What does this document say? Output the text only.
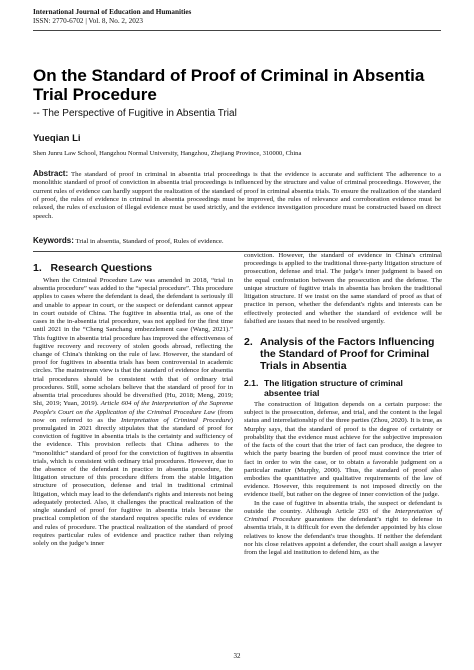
International Journal of Education and Humanities
ISSN: 2770-6702 | Vol. 8, No. 2, 2023
On the Standard of Proof of Criminal in Absentia Trial Procedure
-- The Perspective of Fugitive in Absentia Trial
Yueqian Li
Shen Junru Law School, Hangzhou Normal University, Hangzhou, Zhejiang Province, 310000, China
Abstract: The standard of proof in criminal in absentia trial proceedings is that the evidence is accurate and sufficient The adherence to a monolithic standard of proof of conviction in absentia trial proceedings is influenced by the structure and value of criminal proceedings. However, the current rules of evidence can hardly support the realization of the standard of proof in criminal absentia trials. To ensure the realization of the standard of proof, the rules of evidence in criminal in absentia proceedings must be improved, the rules of relevance and corroboration evidence must be relaxed, the rules of exclusion of illegal evidence must be used strictly, and the evidence investigation procedure must be constructed based on direct speech.
Keywords: Trial in absentia, Standard of proof, Rules of evidence.
1. Research Questions

When the Criminal Procedure Law was amended in 2018, “trial in absentia procedure” was added to the “special procedure”. This procedure applies to cases where the defendant is dead, the defendant is seriously ill and unable to appear in court, or the suspect or defendant cannot appear in court outside of China. The fugitive in absentia trial, as one of the cases in the in-absentia trial procedure, was not applied for the first time until 2021 in the “Cheng Sanchang embezzlement case (Wang, 2021).” This fugitive in absentia trial procedure has improved the effectiveness of fugitive recovery and recovery of stolen goods abroad, reflecting the change of China's thinking on the rule of law. However, the standard of proof for fugitives in absentia trials has been controversial in academic circles. The mainstream view is that the standard of evidence for absentia trial procedures should be consistent with that of ordinary trial procedures. Still, some scholars believe that the standard of proof for in absentia trial procedures should be diversified (Hu, 2018; Meng, 2019; Shi, 2019; Yuan, 2019). Article 604 of the Interpretation of the Supreme People's Court on the Application of the Criminal Procedure Law (from now on referred to as the Interpretation of Criminal Procedure) promulgated in 2021 directly stipulates that the standard of proof for conviction of fugitive in absentia trials is the certainty and sufficiency of the evidence. This provision reflects that China adheres to the “monolithic” standard of proof for the conviction of fugitives in absentia trials, which is consistent with ordinary trial procedures. However, due to the absence of the defendant in practice in absentia procedure, the litigation structure of this procedure differs from the stable litigation structure of prosecution, defense and trial in traditional criminal litigation, which may lead to the defendant's rights and interests not being adequately protected. Also, it challenges the practical realization of the single standard of proof for fugitive in absentia trials because the practical completion of the standard requires specific rules of evidence and rules of procedure. The practical realization of the standard of proof requires particular rules of evidence and practice rather than relying solely on the judge’s inner

conviction. However, the standard of evidence in China's criminal proceedings is applied to the traditional three-party litigation structure of prosecution, defense and trial. The judge’s inner judgment is based on the equal confrontation between the prosecution and the defense. The unique structure of fugitive trials in absentia has broken the traditional litigation structure. If we insist on the same standard of proof as that of practice in person, whether the defendant's rights and interests can be effectively protected and whether the standard of evidence will be falsified are issues that need to be resolved urgently.

2. Analysis of the Factors Influencing the Standard of Proof for Criminal Trials in Absentia
2.1. The litigation structure of criminal absentee trial

The construction of litigation depends on a certain purpose: the subject is the prosecution, defense, and trial, and the content is the legal status and interrelationship of the three parties (Zhou, 2020). It is true, as Murphy says, that the standard of proof is the degree of certainty or probability that the evidence must achieve for the subjective impression of the facts of the court that the trier of fact can produce, the degree to which the party bearing the burden of proof must convince the trier of fact in order to win the case, or to obtain a favorable judgment on a particular matter (Murphy, 2000). Thus, the standard of proof also embodies the quantitative and qualitative requirements of the law of evidence. However, this requirement is not imposed directly on the evidence itself, but rather on the degree of inner conviction of the judge.

In the case of fugitive in absentia trials, the suspect or defendant is outside the country. Although Article 293 of the Interpretation of Criminal Procedure guarantees the defendant’s right to defense in absentia trials, it is difficult for even the defender appointed by his close relatives to know the defendant's true thoughts. If neither the defendant nor his close relatives appoint a defender, the court shall assign a lawyer from the legal aid institution to defend him, as the

32
